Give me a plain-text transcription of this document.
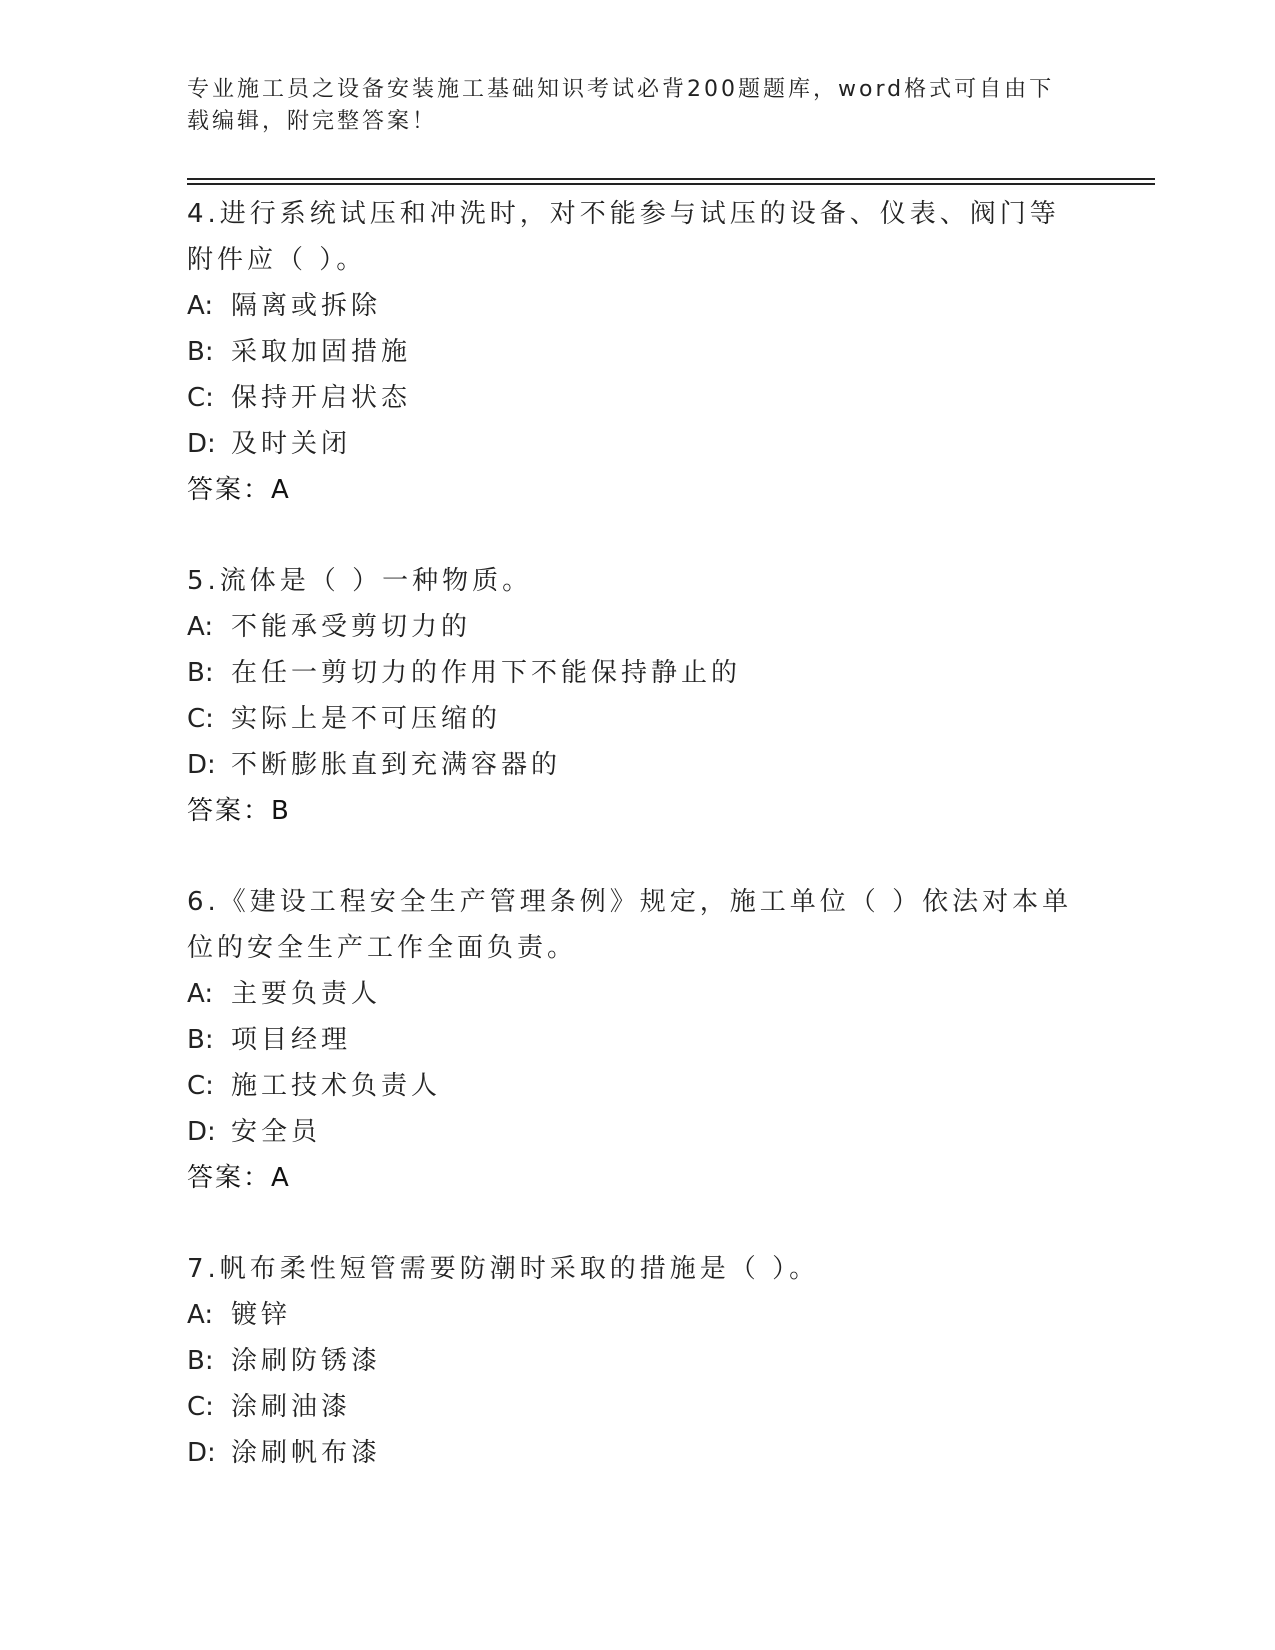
专业施工员之设备安装施工基础知识考试必背200题题库，word格式可自由下载编辑，附完整答案！
4.进行系统试压和冲洗时，对不能参与试压的设备、仪表、阀门等附件应（ ）。
A: 隔离或拆除
B: 采取加固措施
C: 保持开启状态
D: 及时关闭
答案：A
5.流体是（ ）一种物质。
A: 不能承受剪切力的
B: 在任一剪切力的作用下不能保持静止的
C: 实际上是不可压缩的
D: 不断膨胀直到充满容器的
答案：B
6.《建设工程安全生产管理条例》规定，施工单位（ ）依法对本单位的安全生产工作全面负责。
A: 主要负责人
B: 项目经理
C: 施工技术负责人
D: 安全员
答案：A
7.帆布柔性短管需要防潮时采取的措施是（ ）。
A: 镀锌
B: 涂刷防锈漆
C: 涂刷油漆
D: 涂刷帆布漆
